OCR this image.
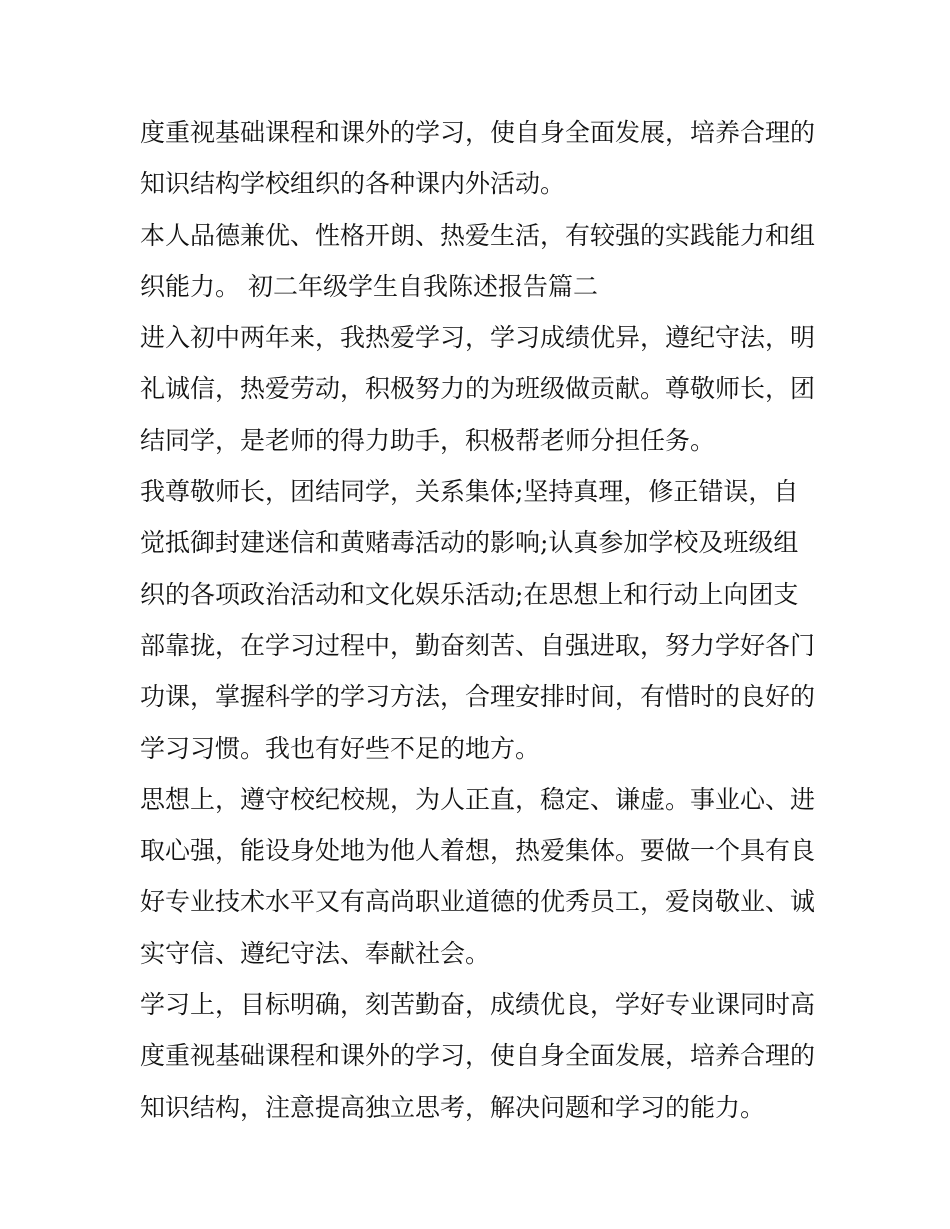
度重视基础课程和课外的学习，使自身全面发展，培养合理的
知识结构学校组织的各种课内外活动。
本人品德兼优、性格开朗、热爱生活，有较强的实践能力和组
织能力。 初二年级学生自我陈述报告篇二
进入初中两年来，我热爱学习，学习成绩优异，遵纪守法，明
礼诚信，热爱劳动，积极努力的为班级做贡献。尊敬师长，团
结同学，是老师的得力助手，积极帮老师分担任务。
我尊敬师长，团结同学，关系集体;坚持真理，修正错误，自
觉抵御封建迷信和黄赌毒活动的影响;认真参加学校及班级组
织的各项政治活动和文化娱乐活动;在思想上和行动上向团支
部靠拢，在学习过程中，勤奋刻苦、自强进取，努力学好各门
功课，掌握科学的学习方法，合理安排时间，有惜时的良好的
学习习惯。我也有好些不足的地方。
思想上，遵守校纪校规，为人正直，稳定、谦虚。事业心、进
取心强，能设身处地为他人着想，热爱集体。要做一个具有良
好专业技术水平又有高尚职业道德的优秀员工，爱岗敬业、诚
实守信、遵纪守法、奉献社会。
学习上，目标明确，刻苦勤奋，成绩优良，学好专业课同时高
度重视基础课程和课外的学习，使自身全面发展，培养合理的
知识结构，注意提高独立思考，解决问题和学习的能力。
